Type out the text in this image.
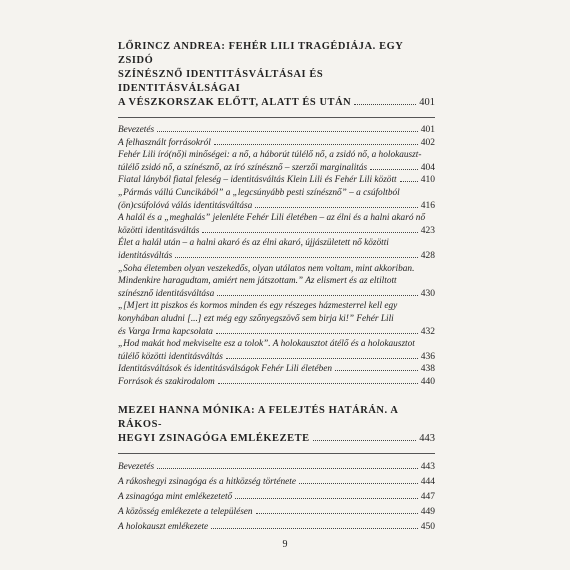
LŐRINCZ ANDREA: FEHÉR LILI TRAGÉDIÁJA. EGY ZSIDÓ
SZÍNÉSZNŐ IDENTITÁSVÁLTÁSAI ÉS IDENTITÁSVÁLSÁGAI
A VÉSZKORSZAK ELŐTT, ALATT ÉS UTÁN	401
Bevezetés	401
A felhasznált forrásokról	402
Fehér Lili író(nő)i minőségei: a nő, a háborút túlélő nő, a zsidó nő, a holokauszt-
túlélő zsidó nő, a színésznő, az író színésznő – szerzői marginalitás	404
Fiatal lányból fiatal feleség – identitásváltás Klein Lili és Fehér Lili között	410
„Pármás vállú Cuncikából” a „legcsúnyább pesti színésznő” – a csúfoltból
(ön)csúfolóvá válás identitásváltása	416
A halál és a „meghalás” jelenléte Fehér Lili életében – az élni és a halni akaró nő
közötti identitásváltás	423
Élet a halál után – a halni akaró és az élni akaró, újjászületett nő közötti
identitásváltás	428
„Soha életemben olyan veszekedős, olyan utálatos nem voltam, mint akkoriban.
Mindenkire haragudtam, amiért nem játszottam.” Az elismert és az eltiltott
színésznő identitásváltása	430
„[M]ert itt piszkos és kormos minden és egy részeges házmesterrel kell egy
konyhában aludni [...] ezt még egy szőnyegszövő sem birja ki!” Fehér Lili
és Varga Irma kapcsolata	432
„Hod makát hod mekviselte esz a tolok”. A holokausztot átélő és a holokausztot
túlélő közötti identitásváltás	436
Identitásváltások és identitásválságok Fehér Lili életében	438
Források és szakirodalom	440
MEZEI HANNA MÓNIKA: A FELEJTÉS HATÁRÁN. A RÁKOS-
HEGYI ZSINAGÓGA EMLÉKEZETE	443
Bevezetés	443
A rákoshegyi zsinagóga és a hitközség története	444
A zsinagóga mint emlékezetető	447
A közösség emlékezete a településen	449
A holokauszt emlékezete	450
9
